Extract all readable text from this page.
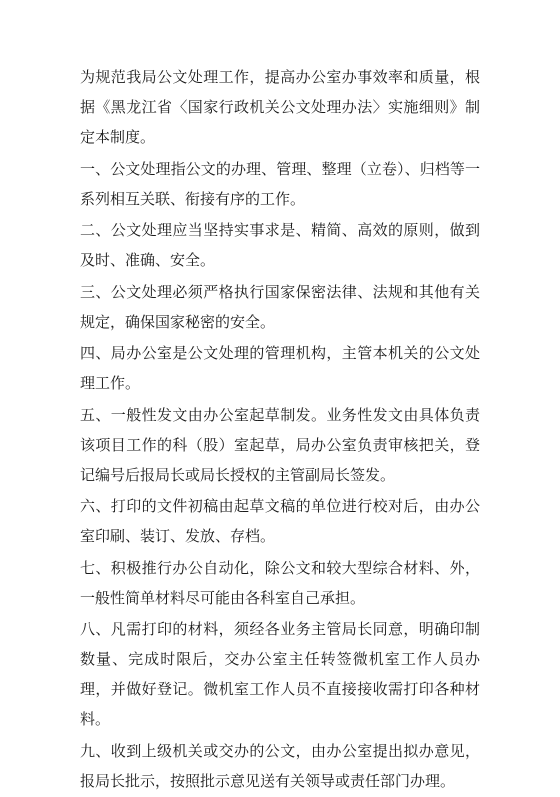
为规范我局公文处理工作，提高办公室办事效率和质量，根据《黑龙江省〈国家行政机关公文处理办法〉实施细则》制定本制度。

一、公文处理指公文的办理、管理、整理（立卷）、归档等一系列相互关联、衔接有序的工作。

二、公文处理应当坚持实事求是、精简、高效的原则，做到及时、准确、安全。

三、公文处理必须严格执行国家保密法律、法规和其他有关规定，确保国家秘密的安全。

四、局办公室是公文处理的管理机构，主管本机关的公文处理工作。

五、一般性发文由办公室起草制发。业务性发文由具体负责该项目工作的科（股）室起草，局办公室负责审核把关，登记编号后报局长或局长授权的主管副局长签发。

六、打印的文件初稿由起草文稿的单位进行校对后，由办公室印刷、装订、发放、存档。

七、积极推行办公自动化，除公文和较大型综合材料、外，一般性简单材料尽可能由各科室自己承担。

八、凡需打印的材料，须经各业务主管局长同意，明确印制数量、完成时限后，交办公室主任转签微机室工作人员办理，并做好登记。微机室工作人员不直接接收需打印各种材料。

九、收到上级机关或交办的公文，由办公室提出拟办意见，报局长批示，按照批示意见送有关领导或责任部门办理。
